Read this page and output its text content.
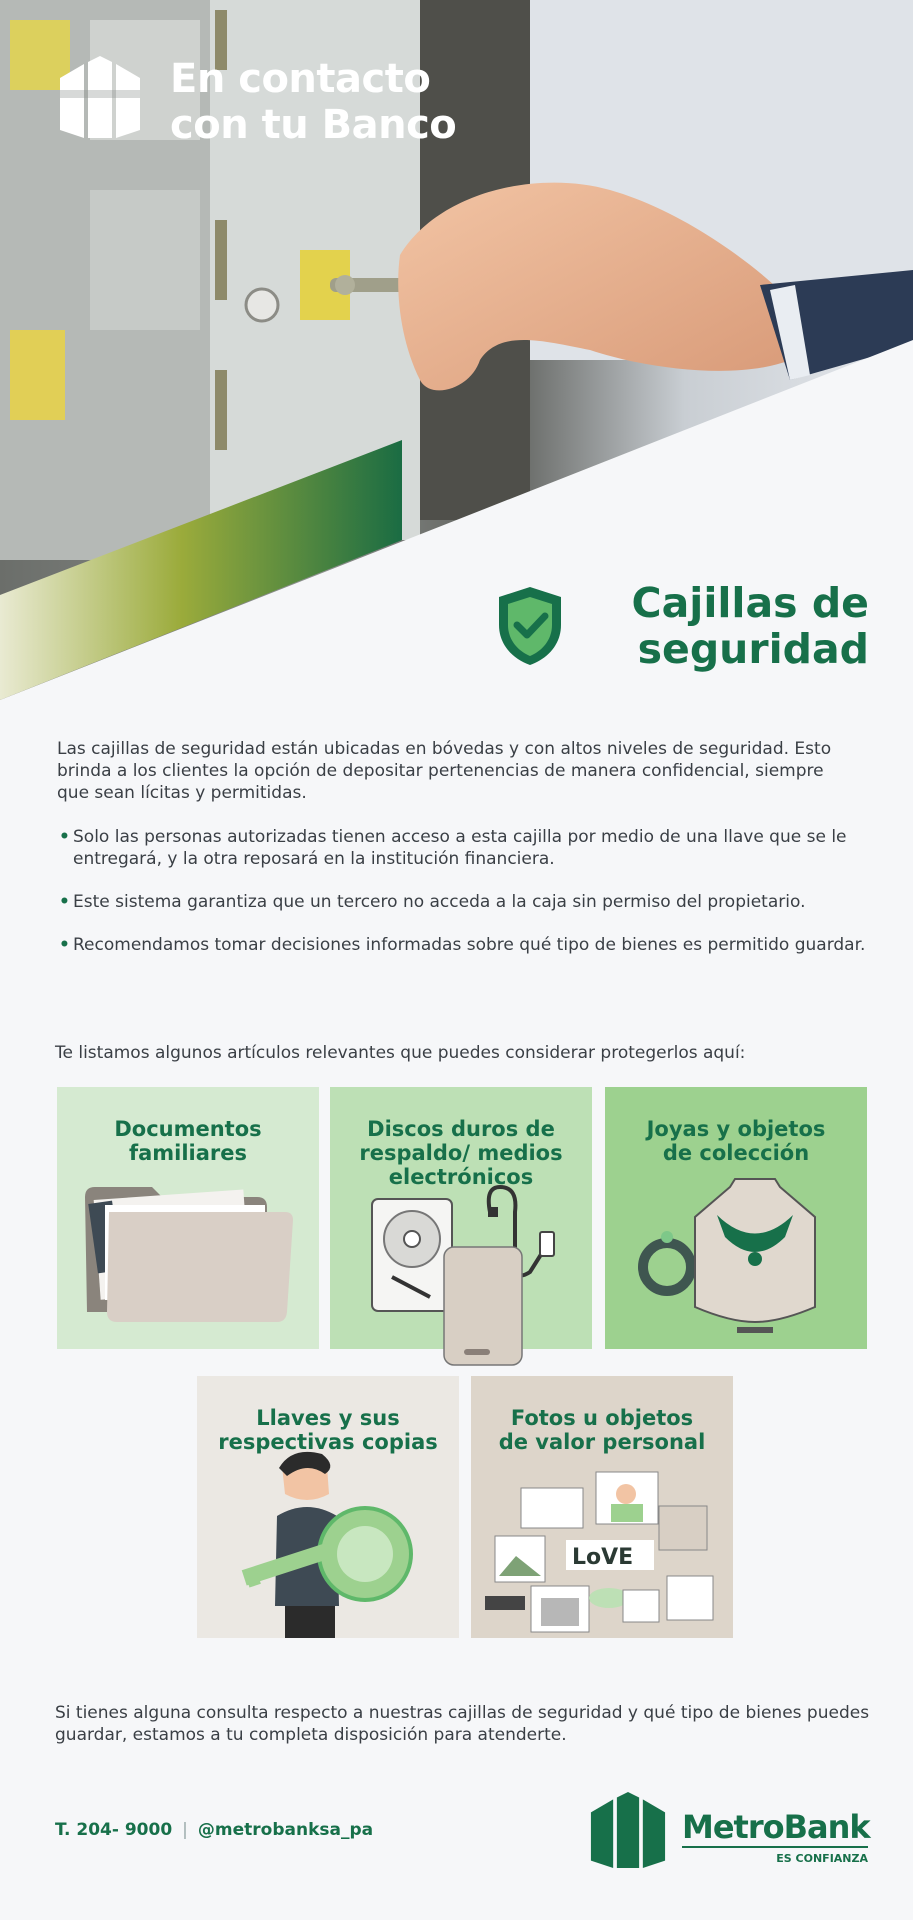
En contacto
con tu Banco
Cajillas de
seguridad

Las cajillas de seguridad están ubicadas en bóvedas y con altos niveles de seguridad. Esto brinda a los clientes la opción de depositar pertenencias de manera confidencial, siempre que sean lícitas y permitidas.

• Solo las personas autorizadas tienen acceso a esta cajilla por medio de una llave que se le entregará, y la otra reposará en la institución financiera.
• Este sistema garantiza que un tercero no acceda a la caja sin permiso del propietario.
• Recomendamos tomar decisiones informadas sobre qué tipo de bienes es permitido guardar.

Te listamos algunos artículos relevantes que puedes considerar protegerlos aquí:

Documentos
familiares
Discos duros de
respaldo/ medios
electrónicos
Joyas y objetos
de colección
Llaves y sus
respectivas copias
LoVE
Fotos u objetos
de valor personal

Si tienes alguna consulta respecto a nuestras cajillas de seguridad y qué tipo de bienes puedes guardar, estamos a tu completa disposición para atenderte.

T. 204- 9000 | @metrobanksa_pa	MetroBank
ES CONFIANZA
